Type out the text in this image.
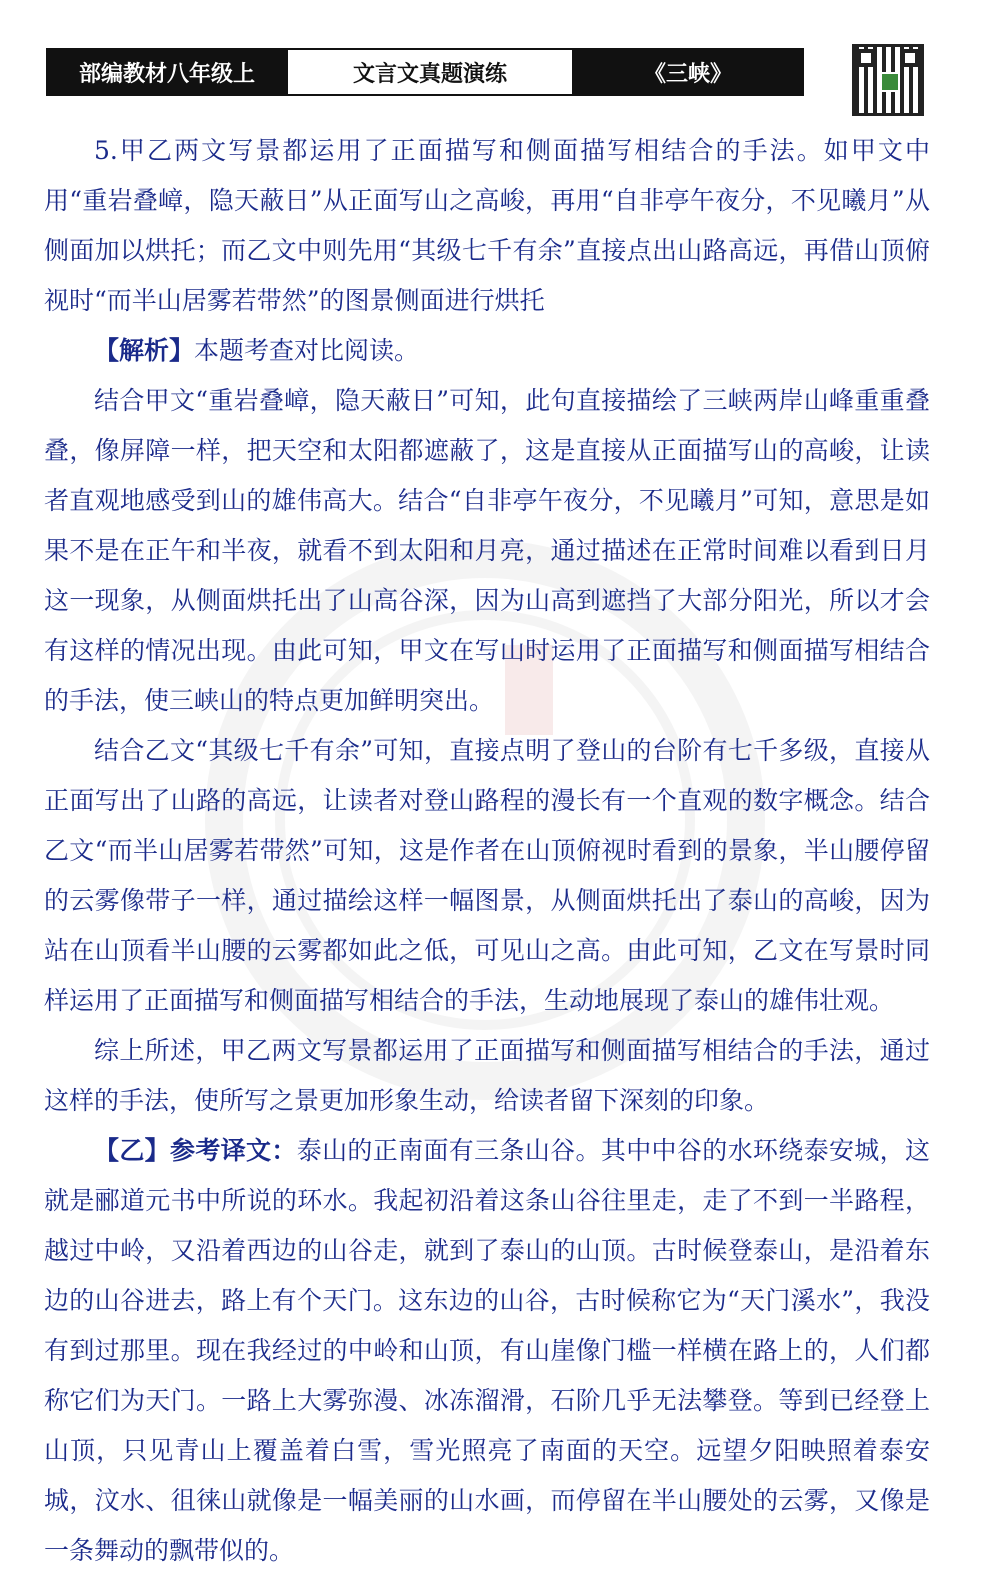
部编教材八年级上	文言文真题演练	《三峡》

5.甲乙两文写景都运用了正面描写和侧面描写相结合的手法。如甲文中用“重岩叠嶂，隐天蔽日”从正面写山之高峻，再用“自非亭午夜分，不见曦月”从侧面加以烘托；而乙文中则先用“其级七千有余”直接点出山路高远，再借山顶俯视时“而半山居雾若带然”的图景侧面进行烘托

【解析】本题考查对比阅读。

结合甲文“重岩叠嶂，隐天蔽日”可知，此句直接描绘了三峡两岸山峰重重叠叠，像屏障一样，把天空和太阳都遮蔽了，这是直接从正面描写山的高峻，让读者直观地感受到山的雄伟高大。结合“自非亭午夜分，不见曦月”可知，意思是如果不是在正午和半夜，就看不到太阳和月亮，通过描述在正常时间难以看到日月这一现象，从侧面烘托出了山高谷深，因为山高到遮挡了大部分阳光，所以才会有这样的情况出现。由此可知，甲文在写山时运用了正面描写和侧面描写相结合的手法，使三峡山的特点更加鲜明突出。

结合乙文“其级七千有余”可知，直接点明了登山的台阶有七千多级，直接从正面写出了山路的高远，让读者对登山路程的漫长有一个直观的数字概念。结合乙文“而半山居雾若带然”可知，这是作者在山顶俯视时看到的景象，半山腰停留的云雾像带子一样，通过描绘这样一幅图景，从侧面烘托出了泰山的高峻，因为站在山顶看半山腰的云雾都如此之低，可见山之高。由此可知，乙文在写景时同样运用了正面描写和侧面描写相结合的手法，生动地展现了泰山的雄伟壮观。

综上所述，甲乙两文写景都运用了正面描写和侧面描写相结合的手法，通过这样的手法，使所写之景更加形象生动，给读者留下深刻的印象。

【乙】参考译文：泰山的正南面有三条山谷。其中中谷的水环绕泰安城，这就是郦道元书中所说的环水。我起初沿着这条山谷往里走，走了不到一半路程，越过中岭，又沿着西边的山谷走，就到了泰山的山顶。古时候登泰山，是沿着东边的山谷进去，路上有个天门。这东边的山谷，古时候称它为“天门溪水”，我没有到过那里。现在我经过的中岭和山顶，有山崖像门槛一样横在路上的，人们都称它们为天门。一路上大雾弥漫、冰冻溜滑，石阶几乎无法攀登。等到已经登上山顶，只见青山上覆盖着白雪，雪光照亮了南面的天空。远望夕阳映照着泰安城，汶水、徂徕山就像是一幅美丽的山水画，而停留在半山腰处的云雾，又像是一条舞动的飘带似的。
